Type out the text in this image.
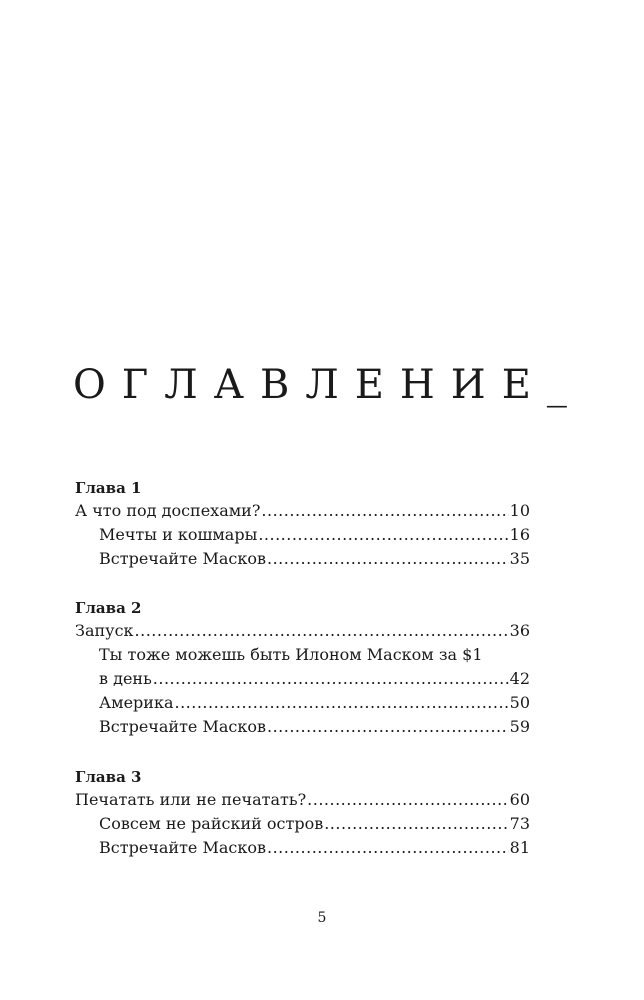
ОГЛАВЛЕНИЕ_
Глава 1
А что под доспехами? .....	10
Мечты и кошмары .....	16
Встречайте Масков .....	35
Глава 2
Запуск .....	36
Ты тоже можешь быть Илоном Маском за $1
в день .....	42
Америка .....	50
Встречайте Масков .....	59
Глава 3
Печатать или не печатать? .....	60
Совсем не райский остров .....	73
Встречайте Масков .....	81
5
